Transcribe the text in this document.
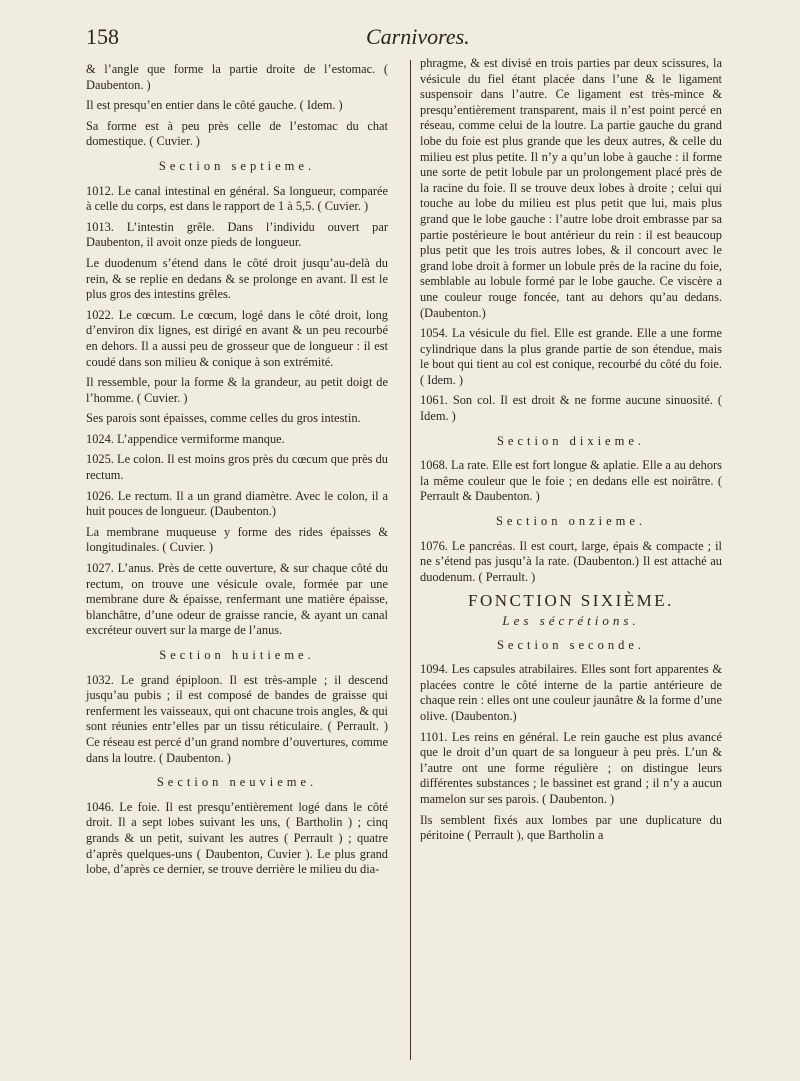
158	Carnivores.

& l’angle que forme la partie droite de l’estomac. ( Daubenton. )

Il est presqu’en entier dans le côté gauche. ( Idem. )

Sa forme est à peu près celle de l’estomac du chat domestique. ( Cuvier. )

Section septieme.

1012. Le canal intestinal en général. Sa longueur, comparée à celle du corps, est dans le rapport de 1 à 5,5. ( Cuvier. )

1013. L’intestin grêle. Dans l’individu ouvert par Daubenton, il avoit onze pieds de longueur.

Le duodenum s’étend dans le côté droit jusqu’au-delà du rein, & se replie en dedans & se prolonge en avant. Il est le plus gros des intestins grêles.

1022. Le cœcum. Le cœcum, logé dans le côté droit, long d’environ dix lignes, est dirigé en avant & un peu recourbé en dehors. Il a aussi peu de grosseur que de longueur : il est coudé dans son milieu & conique à son extrémité.

Il ressemble, pour la forme & la grandeur, au petit doigt de l’homme. ( Cuvier. )

Ses parois sont épaisses, comme celles du gros intestin.

1024. L’appendice vermiforme manque.

1025. Le colon. Il est moins gros près du cœcum que près du rectum.

1026. Le rectum. Il a un grand diamètre. Avec le colon, il a huit pouces de longueur. (Daubenton.)

La membrane muqueuse y forme des rides épaisses & longitudinales. ( Cuvier. )

1027. L’anus. Près de cette ouverture, & sur chaque côté du rectum, on trouve une vésicule ovale, formée par une membrane dure & épaisse, renfermant une matière épaisse, blanchâtre, d’une odeur de graisse rancie, & ayant un canal excréteur ouvert sur la marge de l’anus.

Section huitieme.

1032. Le grand épiploon. Il est très-ample ; il descend jusqu’au pubis ; il est composé de bandes de graisse qui renferment les vaisseaux, qui ont chacune trois angles, & qui sont réunies entr’elles par un tissu réticulaire. ( Perrault. ) Ce réseau est percé d’un grand nombre d’ouvertures, comme dans la loutre. ( Daubenton. )

Section neuvieme.

1046. Le foie. Il est presqu’entièrement logé dans le côté droit. Il a sept lobes suivant les uns, ( Bartholin ) ; cinq grands & un petit, suivant les autres ( Perrault ) ; quatre d’après quelques-uns ( Daubenton, Cuvier ). Le plus grand lobe, d’après ce dernier, se trouve derrière le milieu du dia-

phragme, & est divisé en trois parties par deux scissures, la vésicule du fiel étant placée dans l’une & le ligament suspensoir dans l’autre. Ce ligament est très-mince & presqu’entièrement transparent, mais il n’est point percé en réseau, comme celui de la loutre. La partie gauche du grand lobe du foie est plus grande que les deux autres, & celle du milieu est plus petite. Il n’y a qu’un lobe à gauche : il forme une sorte de petit lobule par un prolongement placé près de la racine du foie. Il se trouve deux lobes à droite ; celui qui touche au lobe du milieu est plus petit que lui, mais plus grand que le lobe gauche : l’autre lobe droit embrasse par sa partie postérieure le bout antérieur du rein : il est beaucoup plus petit que les trois autres lobes, & il concourt avec le grand lobe droit à former un lobule près de la racine du foie, semblable au lobule formé par le lobe gauche. Ce viscère a une couleur rouge foncée, tant au dehors qu’au dedans. (Daubenton.)

1054. La vésicule du fiel. Elle est grande. Elle a une forme cylindrique dans la plus grande partie de son étendue, mais le bout qui tient au col est conique, recourbé du côté du foie. ( Idem. )

1061. Son col. Il est droit & ne forme aucune sinuosité. ( Idem. )

Section dixieme.

1068. La rate. Elle est fort longue & aplatie. Elle a au dehors la même couleur que le foie ; en dedans elle est noirâtre. ( Perrault & Daubenton. )

Section onzieme.

1076. Le pancréas. Il est court, large, épais & compacte ; il ne s’étend pas jusqu’à la rate. (Daubenton.) Il est attaché au duodenum. ( Perrault. )

FONCTION SIXIÈME.
Les sécrétions.
Section seconde.

1094. Les capsules atrabilaires. Elles sont fort apparentes & placées contre le côté interne de la partie antérieure de chaque rein : elles ont une couleur jaunâtre & la forme d’une olive. (Daubenton.)

1101. Les reins en général. Le rein gauche est plus avancé que le droit d’un quart de sa longueur à peu près. L’un & l’autre ont une forme régulière ; on distingue leurs différentes substances ; le bassinet est grand ; il n’y a aucun mamelon sur ses parois. ( Daubenton. )

Ils semblent fixés aux lombes par une duplicature du péritoine ( Perrault ), que Bartholin a
